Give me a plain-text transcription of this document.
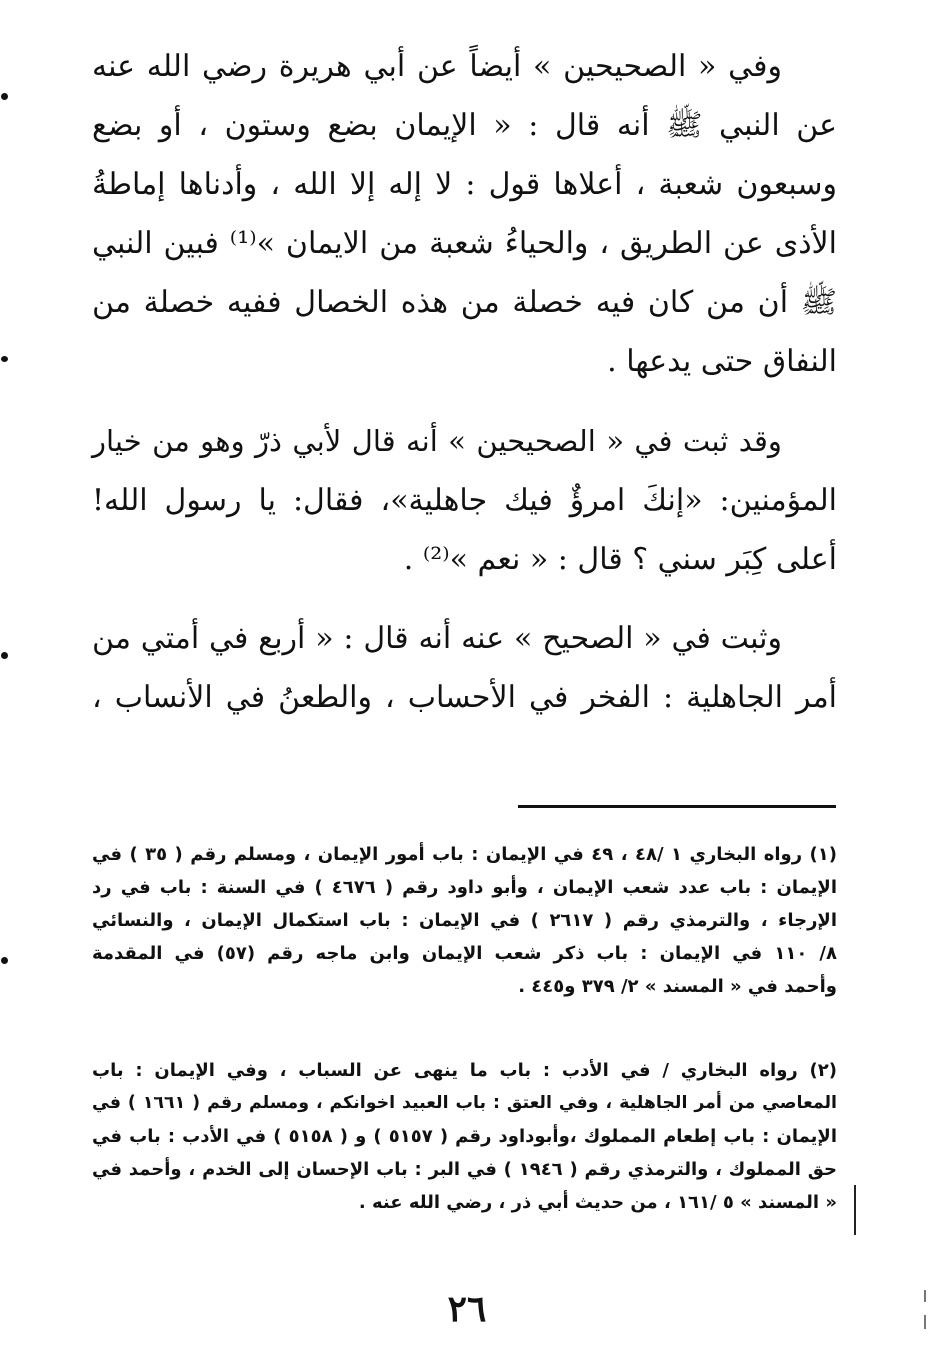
وفي « الصحيحين » أيضاً عن أبي هريرة رضي الله عنه
عن النبي ﷺ أنه قال : « الإيمان بضع وستون ، أو بضع
وسبعون شعبة ، أعلاها قول : لا إله إلا الله ، وأدناها إماطةُ
الأذى عن الطريق ، والحياءُ شعبة من الايمان »⁽¹⁾ فبين النبي
ﷺ أن من كان فيه خصلة من هذه الخصال ففيه خصلة من
النفاق حتى يدعها .
وقد ثبت في « الصحيحين » أنه قال لأبي ذرّ وهو من خيار
المؤمنين: «إنكَ امرؤٌ فيك جاهلية»، فقال: يا رسول الله!
أعلى كِبَر سني ؟ قال : « نعم »⁽²⁾ .
وثبت في « الصحيح » عنه أنه قال : « أربع في أمتي من
أمر الجاهلية : الفخر في الأحساب ، والطعنُ في الأنساب ،
(١) رواه البخاري ١ /٤٨ ، ٤٩ في الإيمان : باب أمور الإيمان ، ومسلم رقم ( ٣٥ ) في
الإيمان : باب عدد شعب الإيمان ، وأبو داود رقم ( ٤٦٧٦ ) في السنة : باب في رد
الإرجاء ، والترمذي رقم ( ٢٦١٧ ) في الإيمان : باب استكمال الإيمان ، والنسائي
٨/ ١١٠ في الإيمان : باب ذكر شعب الإيمان وابن ماجه رقم (٥٧) في المقدمة
وأحمد في « المسند » ٢/ ٣٧٩ و٤٤٥ .
(٢) رواه البخاري / في الأدب : باب ما ينهى عن السباب ، وفي الإيمان : باب
المعاصي من أمر الجاهلية ، وفي العتق : باب العبيد اخوانكم ، ومسلم رقم ( ١٦٦١ ) في
الإيمان : باب إطعام المملوك ،وأبوداود رقم ( ٥١٥٧ ) و ( ٥١٥٨ ) في الأدب : باب في
حق المملوك ، والترمذي رقم ( ١٩٤٦ ) في البر : باب الإحسان إلى الخدم ، وأحمد في
« المسند » ٥ /١٦١ ، من حديث أبي ذر ، رضي الله عنه .
٢٦
